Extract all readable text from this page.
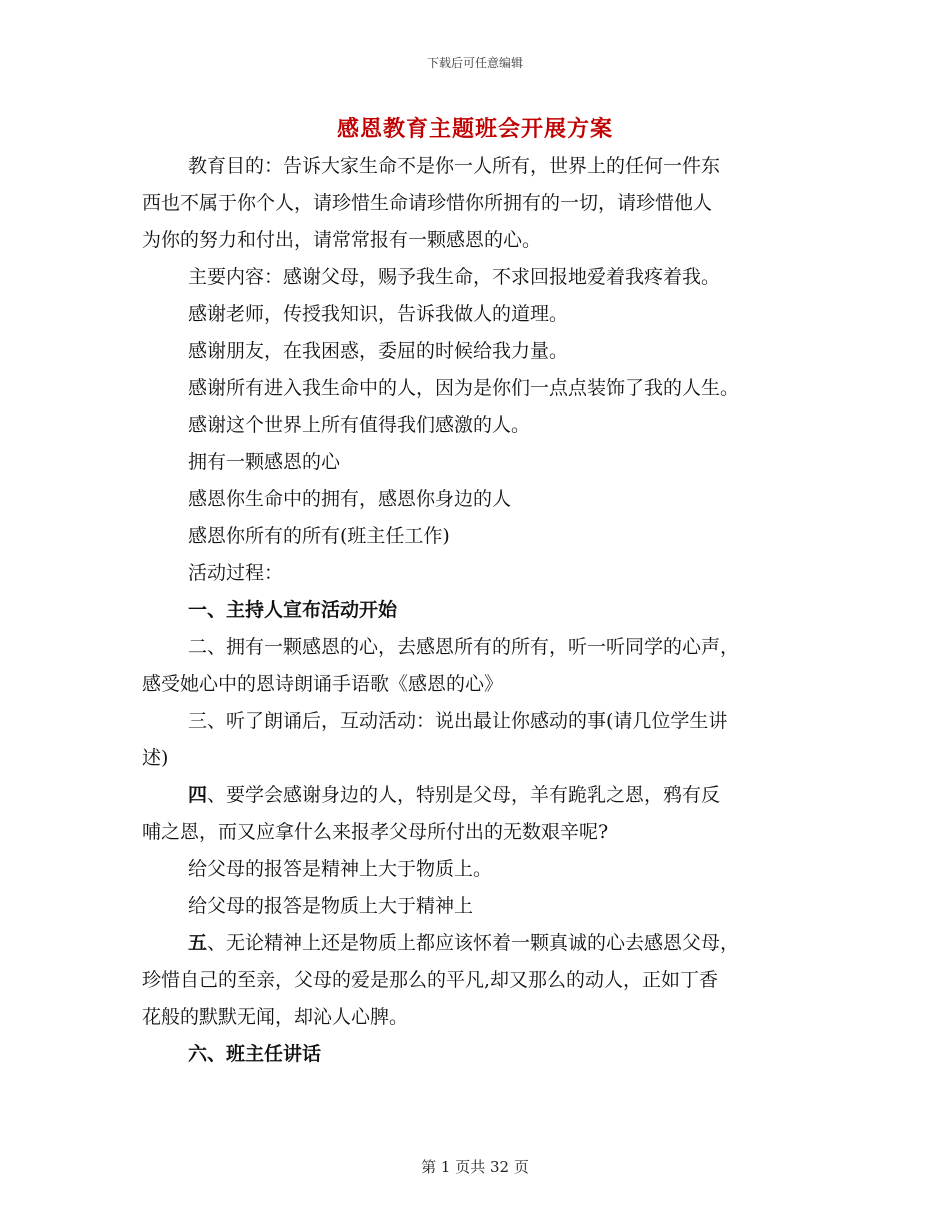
下载后可任意编辑
感恩教育主题班会开展方案

教育目的：告诉大家生命不是你一人所有，世界上的任何一件东

西也不属于你个人，请珍惜生命请珍惜你所拥有的一切，请珍惜他人

为你的努力和付出，请常常报有一颗感恩的心。

主要内容：感谢父母，赐予我生命，不求回报地爱着我疼着我。

感谢老师，传授我知识，告诉我做人的道理。

感谢朋友，在我困惑，委屈的时候给我力量。

感谢所有进入我生命中的人，因为是你们一点点装饰了我的人生。

感谢这个世界上所有值得我们感激的人。

拥有一颗感恩的心

感恩你生命中的拥有，感恩你身边的人

感恩你所有的所有(班主任工作)

活动过程：

一、主持人宣布活动开始

二、拥有一颗感恩的心，去感恩所有的所有，听一听同学的心声，

感受她心中的恩诗朗诵手语歌《感恩的心》

三、听了朗诵后，互动活动：说出最让你感动的事(请几位学生讲

述)

四、要学会感谢身边的人，特别是父母，羊有跪乳之恩，鸦有反

哺之恩，而又应拿什么来报孝父母所付出的无数艰辛呢?

给父母的报答是精神上大于物质上。

给父母的报答是物质上大于精神上

五、无论精神上还是物质上都应该怀着一颗真诚的心去感恩父母，

珍惜自己的至亲，父母的爱是那么的平凡,却又那么的动人，正如丁香

花般的默默无闻，却沁人心脾。

六、班主任讲话

第 1 页共 32 页
